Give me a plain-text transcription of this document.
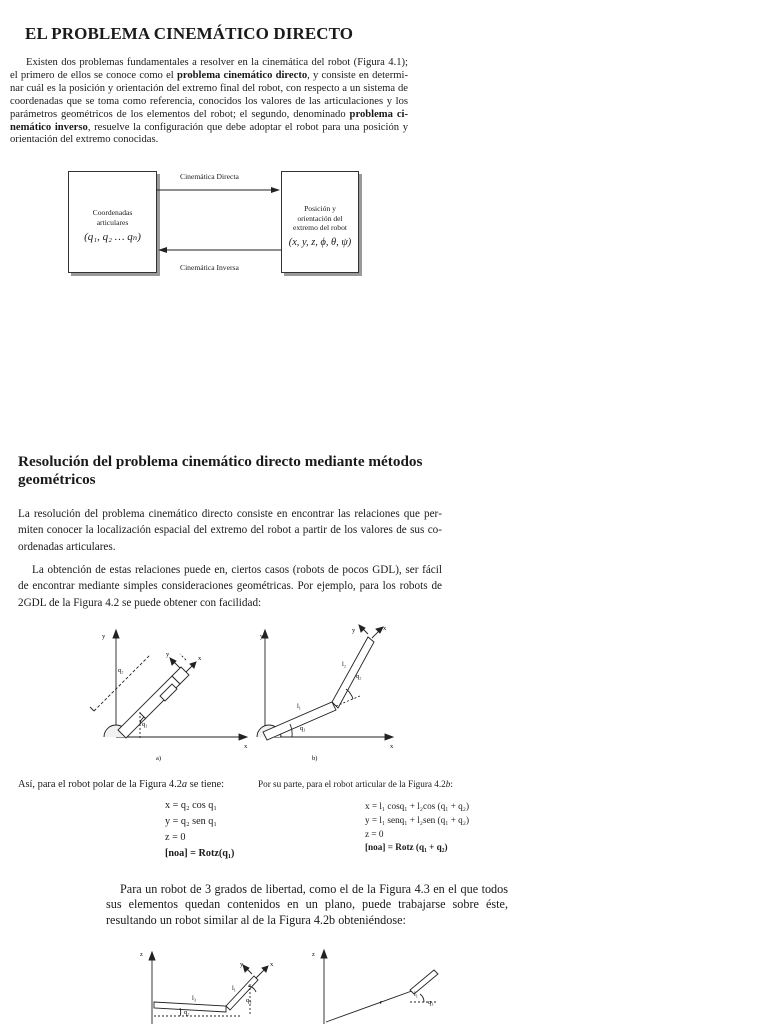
EL PROBLEMA CINEMÁTICO DIRECTO
Existen dos problemas fundamentales a resolver en la cinemática del robot (Figura 4.1); el primero de ellos se conoce como el problema cinemático directo, y consiste en determinar cuál es la posición y orientación del extremo final del robot, con respecto a un sistema de coordenadas que se toma como referencia, conocidos los valores de las articulaciones y los parámetros geométricos de los elementos del robot; el segundo, denominado problema cinemático inverso, resuelve la configuración que debe adoptar el robot para una posición y orientación del extremo conocidas.
Coordenadas articulares
(q₁, q₂ … qₙ)
Posición y orientación del extremo del robot
(x, y, z, ϕ, θ, ψ)
Cinemática Directa
Cinemática Inversa
Resolución del problema cinemático directo mediante métodos geométricos
La resolución del problema cinemático directo consiste en encontrar las relaciones que permiten conocer la localización espacial del extremo del robot a partir de los valores de sus coordenadas articulares.
La obtención de estas relaciones puede en, ciertos casos (robots de pocos GDL), ser fácil de encontrar mediante simples consideraciones geométricas. Por ejemplo, para los robots de 2GDL de la Figura 4.2 se puede obtener con facilidad:
y
x
q₂
q₁
x
y
a)
y
x
l₁
l₂
q₁
q₂
x
y
b)
Así, para el robot polar de la Figura 4.2a se tiene:	Por su parte, para el robot articular de la Figura 4.2b:
x = q₂ cos q₁
y = q₂ sen q₁
z = 0
[noa] = Rotz(q₁)
x = l₁ cosq₁ + l₂cos (q₁ + q₂)
y = l₁ senq₁ + l₂sen (q₁ + q₂)
z = 0
[noa] = Rotz (q₁ + q₂)
Para un robot de 3 grados de libertad, como el de la Figura 4.3 en el que todos sus elementos quedan contenidos en un plano, puede trabajarse sobre éste, resultando un robot similar al de la Figura 4.2b obteniéndose:
z
l₃
q₂
l₁
q₃
y	x
z
r
l₁
q₃
